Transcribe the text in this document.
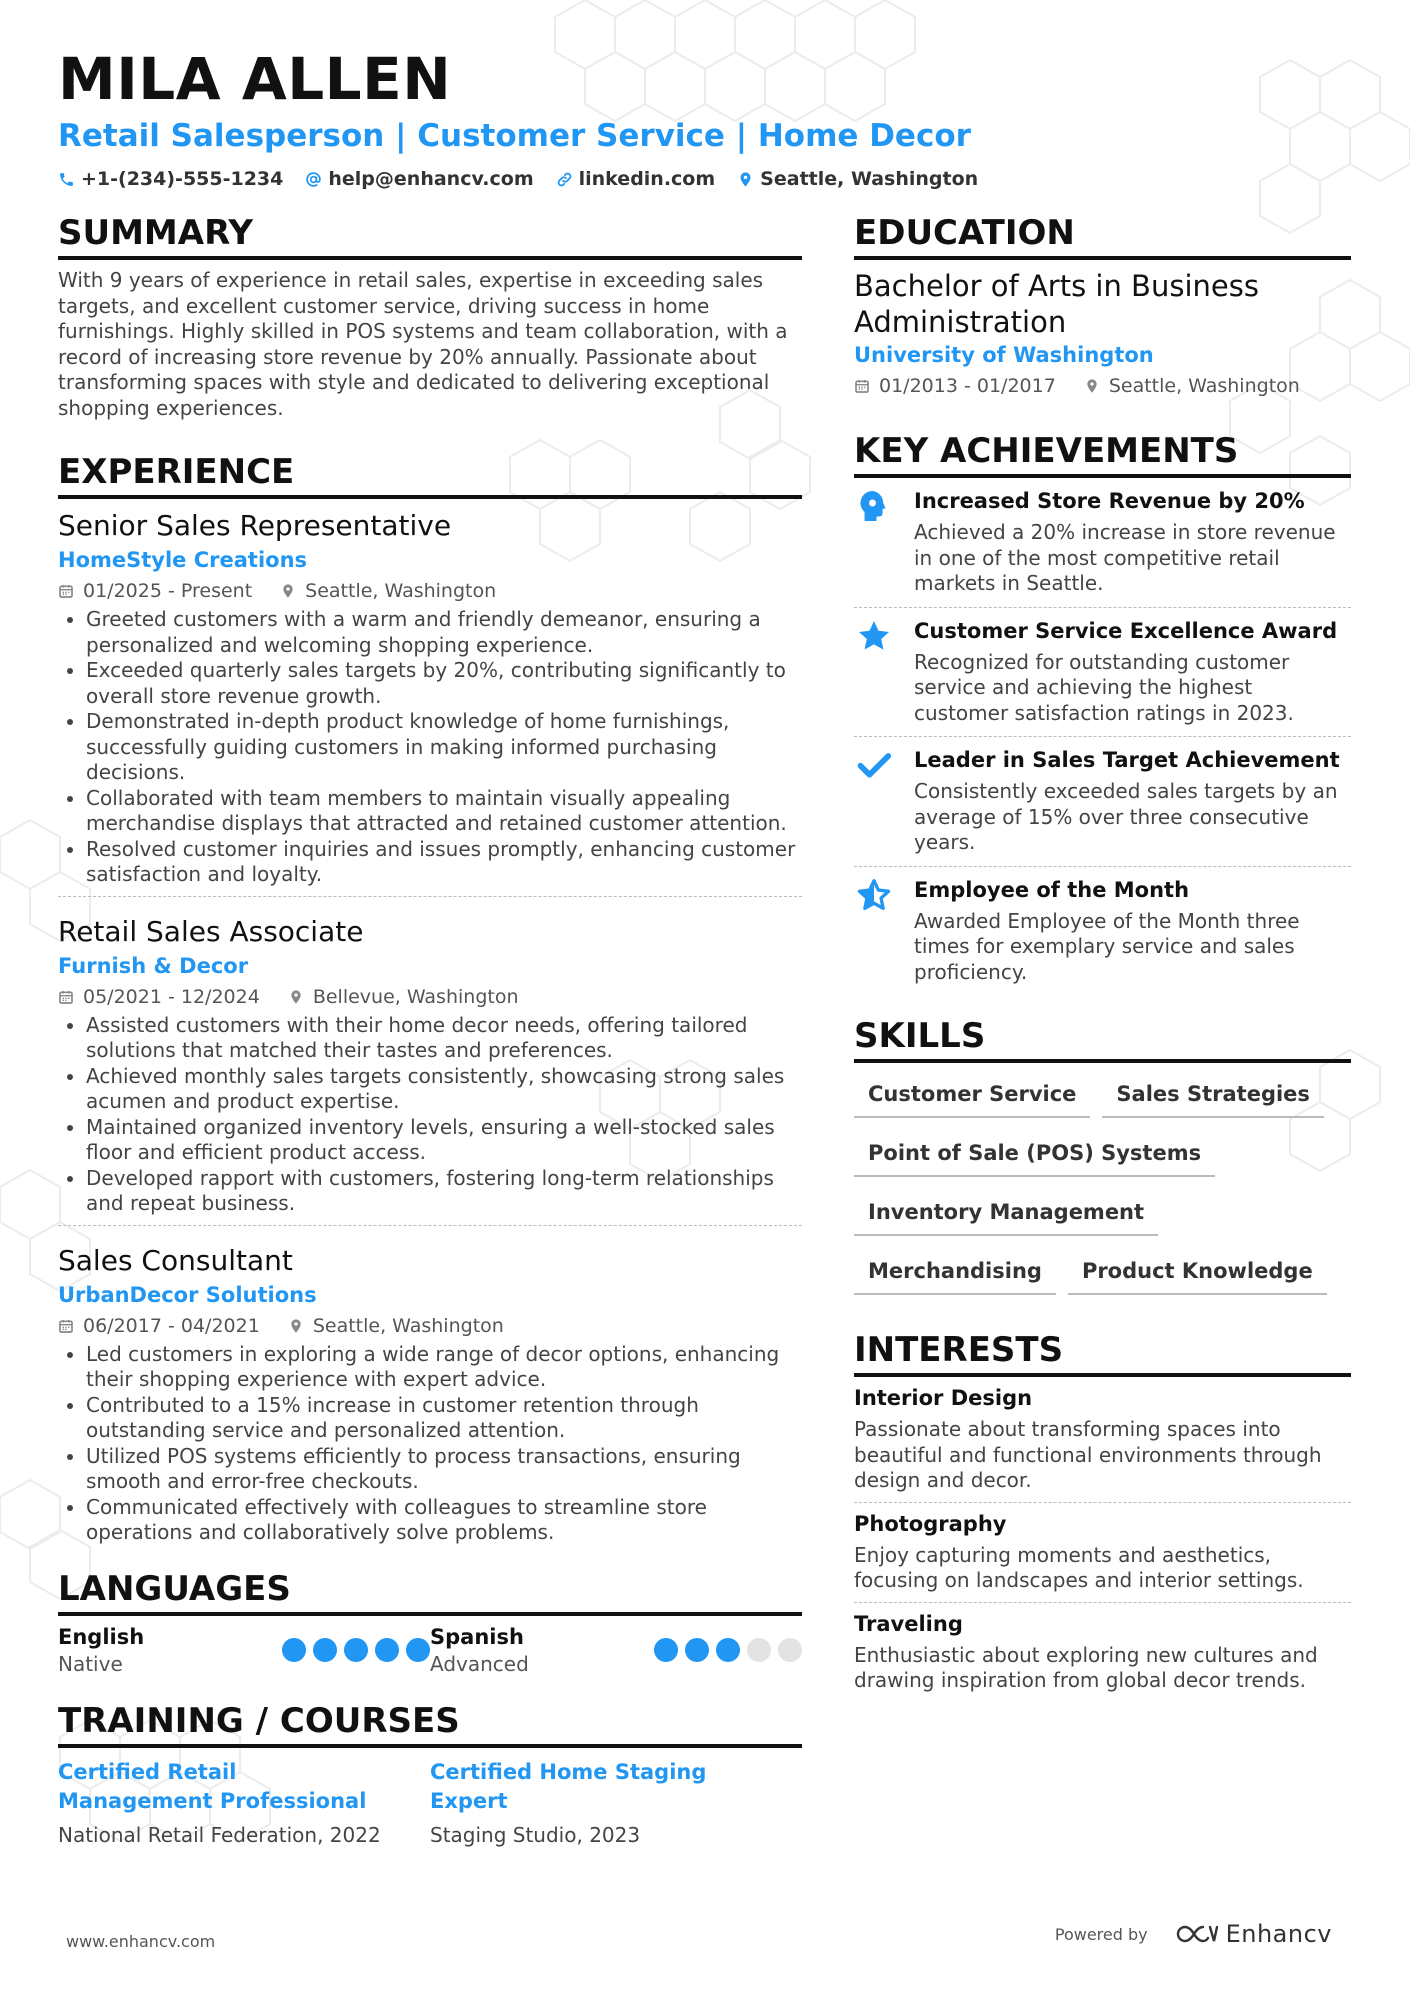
MILA ALLEN
Retail Salesperson | Customer Service | Home Decor
+1-(234)-555-1234 help@enhancv.com linkedin.com Seattle, Washington
SUMMARY

With 9 years of experience in retail sales, expertise in exceeding sales targets, and excellent customer service, driving success in home furnishings. Highly skilled in POS systems and team collaboration, with a record of increasing store revenue by 20% annually. Passionate about transforming spaces with style and dedicated to delivering exceptional shopping experiences.

EXPERIENCE
Senior Sales Representative
HomeStyle Creations
01/2025 - Present	Seattle, Washington
• Greeted customers with a warm and friendly demeanor, ensuring a personalized and welcoming shopping experience.
• Exceeded quarterly sales targets by 20%, contributing significantly to overall store revenue growth.
• Demonstrated in-depth product knowledge of home furnishings, successfully guiding customers in making informed purchasing decisions.
• Collaborated with team members to maintain visually appealing merchandise displays that attracted and retained customer attention.
• Resolved customer inquiries and issues promptly, enhancing customer satisfaction and loyalty.
Retail Sales Associate
Furnish & Decor
05/2021 - 12/2024	Bellevue, Washington
• Assisted customers with their home decor needs, offering tailored solutions that matched their tastes and preferences.
• Achieved monthly sales targets consistently, showcasing strong sales acumen and product expertise.
• Maintained organized inventory levels, ensuring a well-stocked sales floor and efficient product access.
• Developed rapport with customers, fostering long-term relationships and repeat business.
Sales Consultant
UrbanDecor Solutions
06/2017 - 04/2021	Seattle, Washington
• Led customers in exploring a wide range of decor options, enhancing their shopping experience with expert advice.
• Contributed to a 15% increase in customer retention through outstanding service and personalized attention.
• Utilized POS systems efficiently to process transactions, ensuring smooth and error-free checkouts.
• Communicated effectively with colleagues to streamline store operations and collaboratively solve problems.
LANGUAGES
English
Native
Spanish
Advanced
TRAINING / COURSES
Certified Retail Management Professional
National Retail Federation, 2022
Certified Home Staging Expert
Staging Studio, 2023
EDUCATION
Bachelor of Arts in Business Administration
University of Washington
01/2013 - 01/2017	Seattle, Washington
KEY ACHIEVEMENTS
Increased Store Revenue by 20%
Achieved a 20% increase in store revenue in one of the most competitive retail markets in Seattle.
Customer Service Excellence Award
Recognized for outstanding customer service and achieving the highest customer satisfaction ratings in 2023.
Leader in Sales Target Achievement
Consistently exceeded sales targets by an average of 15% over three consecutive years.
Employee of the Month
Awarded Employee of the Month three times for exemplary service and sales proficiency.
SKILLS
Customer Service	Sales Strategies
Point of Sale (POS) Systems
Inventory Management
Merchandising	Product Knowledge
INTERESTS
Interior Design
Passionate about transforming spaces into beautiful and functional environments through design and decor.
Photography
Enjoy capturing moments and aesthetics, focusing on landscapes and interior settings.
Traveling
Enthusiastic about exploring new cultures and drawing inspiration from global decor trends.
www.enhancv.com	Powered by	Enhancv
